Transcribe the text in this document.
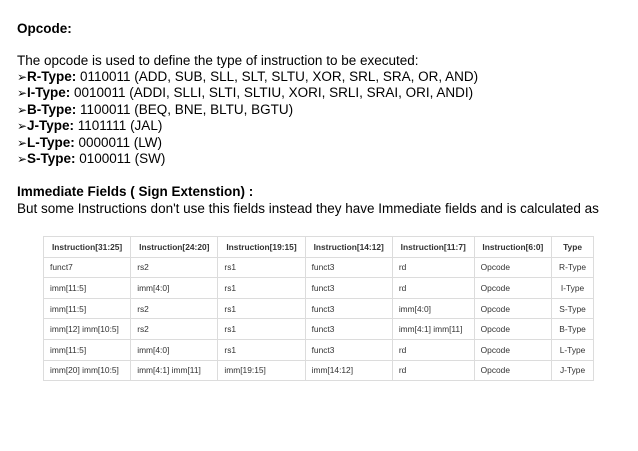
Opcode:
The opcode is used to define the type of instruction to be executed:
➢R-Type: 0110011 (ADD, SUB, SLL, SLT, SLTU, XOR, SRL, SRA, OR, AND)
➢I-Type: 0010011 (ADDI, SLLI, SLTI, SLTIU, XORI, SRLI, SRAI, ORI, ANDI)
➢B-Type: 1100011 (BEQ, BNE, BLTU, BGTU)
➢J-Type: 1101111 (JAL)
➢L-Type: 0000011 (LW)
➢S-Type: 0100011 (SW)
Immediate Fields ( Sign Extenstion) :
But some Instructions don't use this fields instead they have Immediate fields and is calculated as
Instruction[31:25]	Instruction[24:20]	Instruction[19:15]	Instruction[14:12]	Instruction[11:7]	Instruction[6:0]	Type
funct7	rs2	rs1	funct3	rd	Opcode	R-Type
imm[11:5]	imm[4:0]	rs1	funct3	rd	Opcode	I-Type
imm[11:5]	rs2	rs1	funct3	imm[4:0]	Opcode	S-Type
imm[12] imm[10:5]	rs2	rs1	funct3	imm[4:1] imm[11]	Opcode	B-Type
imm[11:5]	imm[4:0]	rs1	funct3	rd	Opcode	L-Type
imm[20] imm[10:5]	imm[4:1] imm[11]	imm[19:15]	imm[14:12]	rd	Opcode	J-Type
